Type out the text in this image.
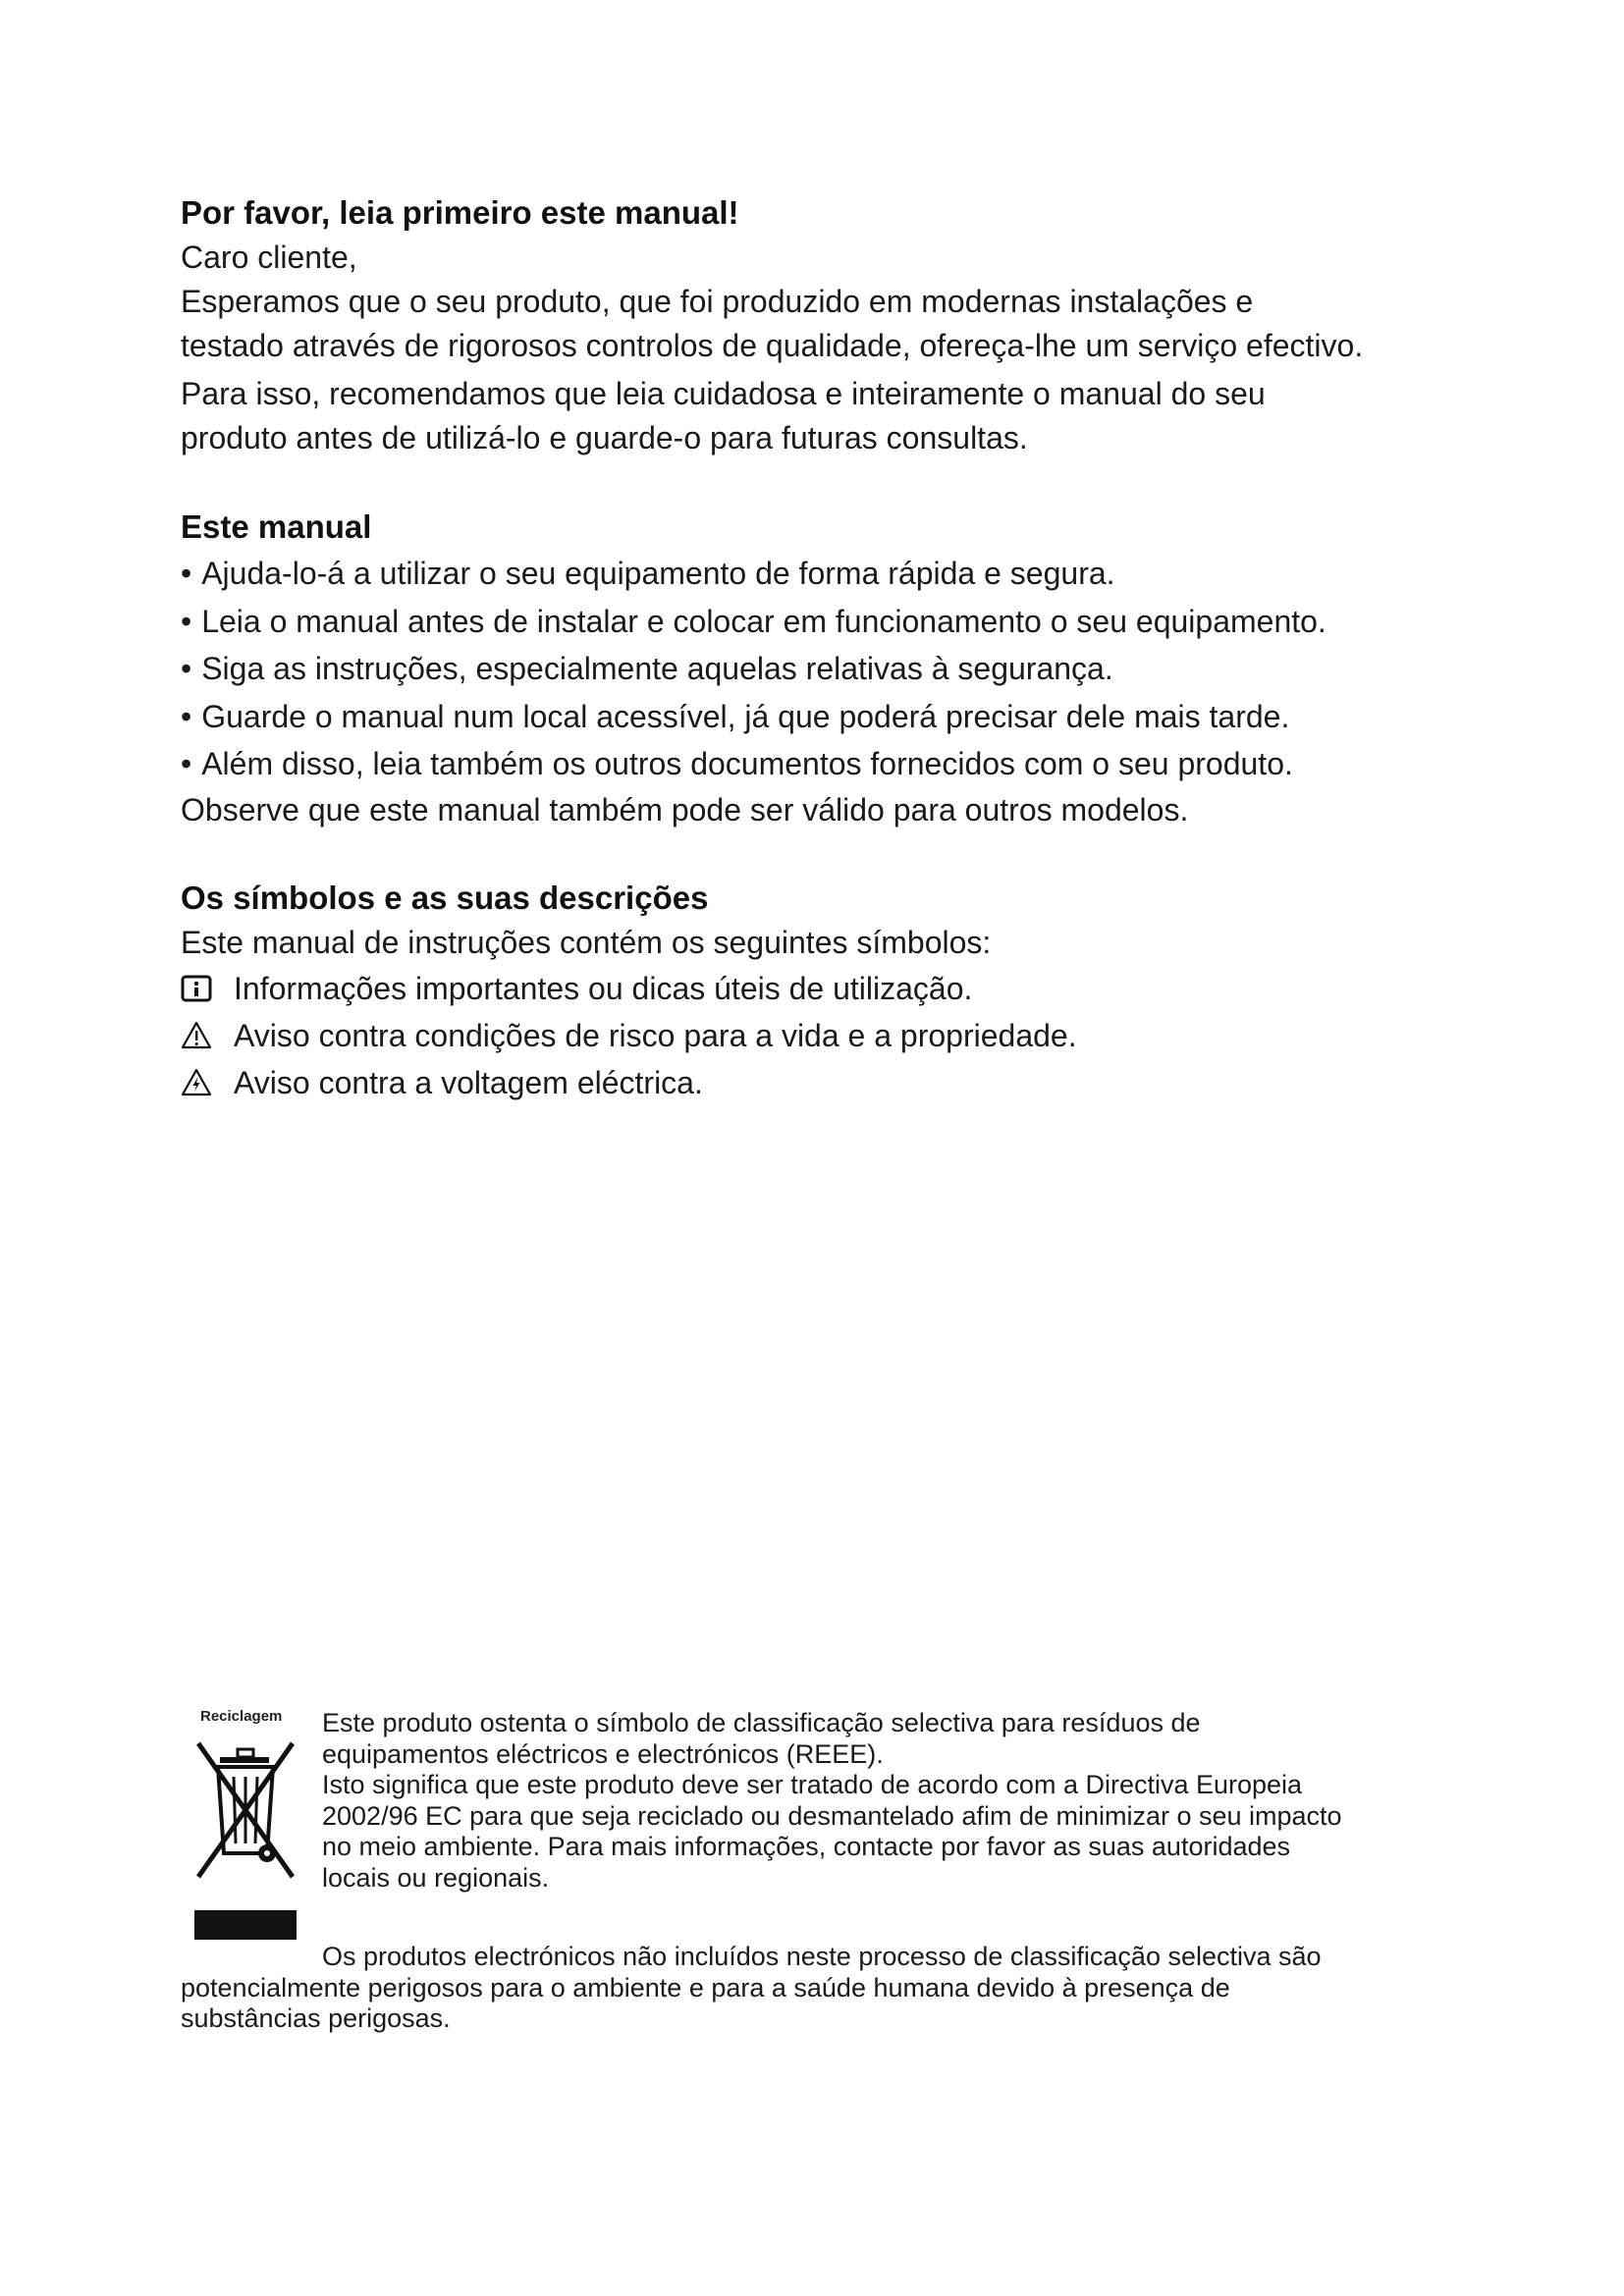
Por favor, leia primeiro este manual!

Caro cliente,

Esperamos que o seu produto, que foi produzido em modernas instalações e

testado através de rigorosos controlos de qualidade, ofereça-lhe um serviço efectivo.

Para isso, recomendamos que leia cuidadosa e inteiramente o manual do seu

produto antes de utilizá-lo e guarde-o para futuras consultas.

Este manual
• Ajuda-lo-á a utilizar o seu equipamento de forma rápida e segura.
• Leia o manual antes de instalar e colocar em funcionamento o seu equipamento.
• Siga as instruções, especialmente aquelas relativas à segurança.
• Guarde o manual num local acessível, já que poderá precisar dele mais tarde.
• Além disso, leia também os outros documentos fornecidos com o seu produto.

Observe que este manual também pode ser válido para outros modelos.

Os símbolos e as suas descrições

Este manual de instruções contém os seguintes símbolos:

Informações importantes ou dicas úteis de utilização.
Aviso contra condições de risco para a vida e a propriedade.
Aviso contra a voltagem eléctrica.
Reciclagem Este produto ostenta o símbolo de classificação selectiva para resíduos de

equipamentos eléctricos e electrónicos (REEE).

Isto significa que este produto deve ser tratado de acordo com a Directiva Europeia

2002/96 EC para que seja reciclado ou desmantelado afim de minimizar o seu impacto

no meio ambiente. Para mais informações, contacte por favor as suas autoridades

locais ou regionais.

Os produtos electrónicos não incluídos neste processo de classificação selectiva são

potencialmente perigosos para o ambiente e para a saúde humana devido à presença de

substâncias perigosas.
